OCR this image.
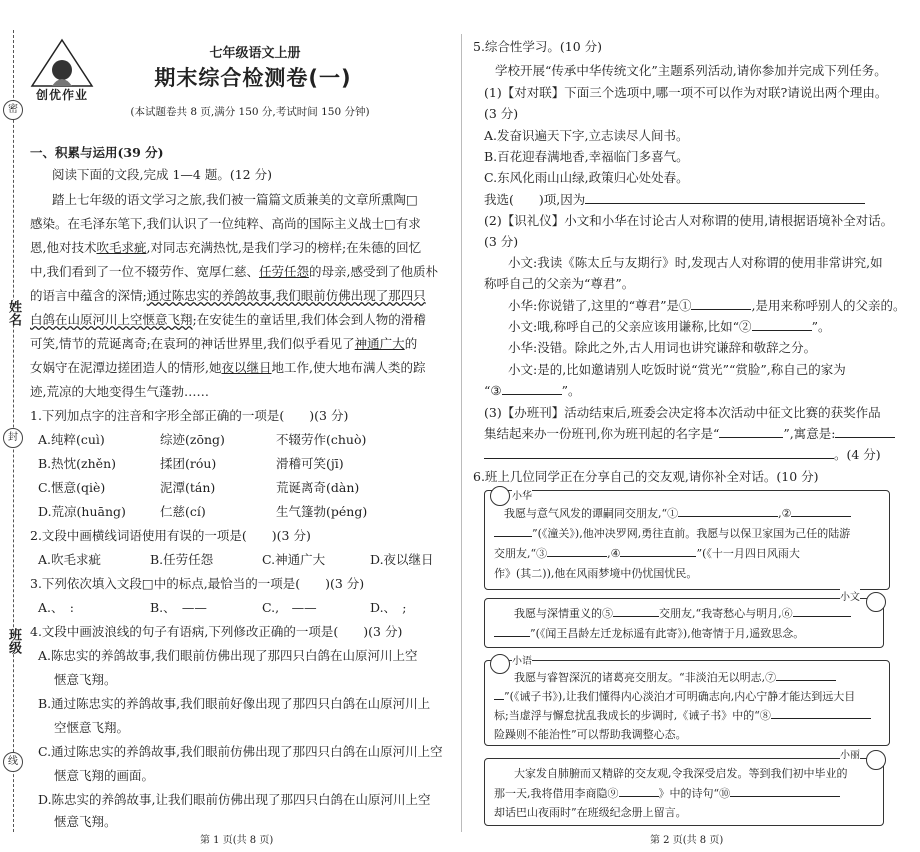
密
姓名
封
班级
线
创优作业
七年级语文上册
期末综合检测卷(一)
(本试题卷共 8 页,满分 150 分,考试时间 150 分钟)
一、积累与运用(39 分)
阅读下面的文段,完成 1—4 题。(12 分)
踏上七年级的语文学习之旅,我们被一篇篇文质兼美的文章所熏陶□
感染。在毛泽东笔下,我们认识了一位纯粹、高尚的国际主义战士□有求
恩,他对技术吹毛求疵,对同志充满热忱,是我们学习的榜样;在朱德的回忆
中,我们看到了一位不辍劳作、宽厚仁慈、任劳任怨的母亲,感受到了他质朴
的语言中蕴含的深情;通过陈忠实的养鸽故事,我们眼前仿佛出现了那四只
白鸽在山原河川上空惬意飞翔;在安徒生的童话里,我们体会到人物的滑稽
可笑,情节的荒诞离奇;在袁珂的神话世界里,我们似乎看见了神通广大的
女娲守在泥潭边搓团造人的情形,她夜以继日地工作,使大地布满人类的踪
迹,荒凉的大地变得生气蓬勃……
1.下列加点字的注音和字形全部正确的一项是(　　)(3 分)
A.纯粹(cuì)	综迹(zōng)	不辍劳作(chuò)
B.热忱(zhěn)	揉团(róu)	滑稽可笑(jī)
C.惬意(qiè)	泥潭(tán)	荒诞离奇(dàn)
D.荒凉(huāng)	仁慈(cí)	生气篷勃(péng)
2.文段中画横线词语使用有误的一项是(　　)(3 分)
A.吹毛求疵	B.任劳任怨	C.神通广大	D.夜以继日
3.下列依次填入文段□中的标点,最恰当的一项是(　　)(3 分)
A.、　:	B.、　——	C.,　——	D.、　;
4.文段中画波浪线的句子有语病,下列修改正确的一项是(　　)(3 分)
A.陈忠实的养鸽故事,我们眼前仿佛出现了那四只白鸽在山原河川上空
惬意飞翔。
B.通过陈忠实的养鸽故事,我们眼前好像出现了那四只白鸽在山原河川上
空惬意飞翔。
C.通过陈忠实的养鸽故事,我们眼前仿佛出现了那四只白鸽在山原河川上空
惬意飞翔的画面。
D.陈忠实的养鸽故事,让我们眼前仿佛出现了那四只白鸽在山原河川上空
惬意飞翔。
第 1 页(共 8 页)
5.综合性学习。(10 分)
学校开展“传承中华传统文化”主题系列活动,请你参加并完成下列任务。
(1)【对对联】下面三个选项中,哪一项不可以作为对联?请说出两个理由。
(3 分)
A.发奋识遍天下字,立志读尽人间书。
B.百花迎春满地香,幸福临门多喜气。
C.东风化雨山山绿,政策归心处处春。
我选(　　)项,因为
(2)【识礼仪】小文和小华在讨论古人对称谓的使用,请根据语境补全对话。
(3 分)
小文:我读《陈太丘与友期行》时,发现古人对称谓的使用非常讲究,如
称呼自己的父亲为“尊君”。
小华:你说错了,这里的“尊君”是①	,是用来称呼别人的父亲的。
小文:哦,称呼自己的父亲应该用谦称,比如“②	”。
小华:没错。除此之外,古人用词也讲究谦辞和敬辞之分。
小文:是的,比如邀请别人吃饭时说“赏光”“赏脸”,称自己的家为
“③	”。
(3)【办班刊】活动结束后,班委会决定将本次活动中征文比赛的获奖作品
集结起来办一份班刊,你为班刊起的名字是“	”,寓意是:
。(4 分)
6.班上几位同学正在分享自己的交友观,请你补全对话。(10 分)
小华
我愿与意气风发的谭嗣同交朋友,“①	,②
”(《潼关》),他冲决罗网,勇往直前。我愿与以保卫家国为己任的陆游
交朋友,“③	,④	”(《十一月四日风雨大
作》(其二)),他在风雨梦境中仍忧国忧民。
小文
我愿与深情重义的⑤	交朋友,“我寄愁心与明月,⑥
”(《闻王昌龄左迁龙标遥有此寄》),他寄情于月,遥致思念。
小语
我愿与睿智深沉的诸葛亮交朋友。“非淡泊无以明志,⑦
”(《诫子书》),让我们懂得内心淡泊才可明确志向,内心宁静才能达到远大目
标;当虚浮与懈怠扰乱我成长的步调时,《诫子书》中的“⑧
险躁则不能治性”可以帮助我调整心态。
小丽
大家发自肺腑而又精辟的交友观,令我深受启发。等到我们初中毕业的
那一天,我将借用李商隐⑨	》中的诗句“⑩
却话巴山夜雨时”在班级纪念册上留言。
第 2 页(共 8 页)
